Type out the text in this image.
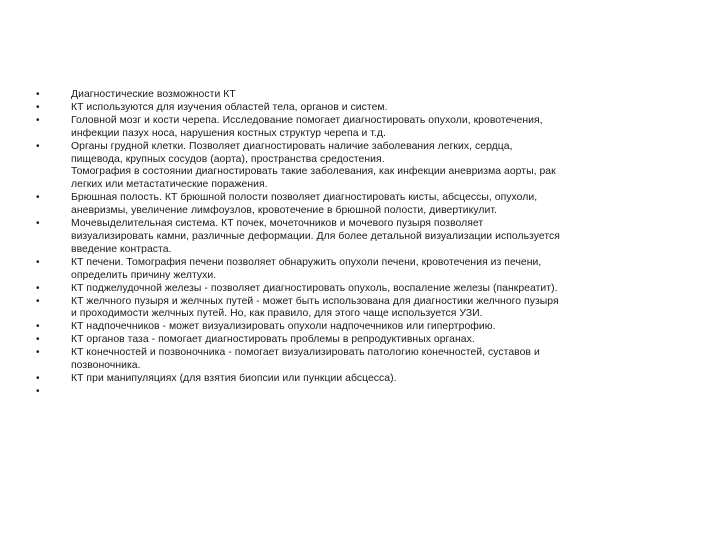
•	Диагностические возможности КТ
•	КТ используются для изучения областей тела, органов и систем.
•	Головной мозг и кости черепа. Исследование помогает диагностировать опухоли, кровотечения,
инфекции пазух носа, нарушения костных структур черепа и т.д.
•	Органы грудной клетки. Позволяет диагностировать наличие заболевания легких, сердца,
пищевода, крупных сосудов (аорта), пространства средостения.
Томография в состоянии диагностировать такие заболевания, как инфекции аневризма аорты, рак
легких или метастатические поражения.
•	Брюшная полость. КТ брюшной полости позволяет диагностировать кисты, абсцессы, опухоли,
аневризмы, увеличение лимфоузлов, кровотечение в брюшной полости, дивертикулит.
•	Мочевыделительная система. КТ почек, мочеточников и мочевого пузыря позволяет
визуализировать камни, различные деформации. Для более детальной визуализации используется
введение контраста.
•	КТ печени. Томография печени позволяет обнаружить опухоли печени, кровотечения из печени,
определить причину желтухи.
•	КТ поджелудочной железы - позволяет диагностировать опухоль, воспаление железы (панкреатит).
•	КТ желчного пузыря и желчных путей - может быть использована для диагностики желчного пузыря
и проходимости желчных путей. Но, как правило, для этого чаще используется УЗИ.
•	КТ надпочечников - может визуализировать опухоли надпочечников или гипертрофию.
•	КТ органов таза - помогает диагностировать проблемы в репродуктивных органах.
•	КТ конечностей и позвоночника - помогает визуализировать патологию конечностей, суставов и
позвоночника.
•	КТ при манипуляциях (для взятия биопсии или пункции абсцесса).
•
